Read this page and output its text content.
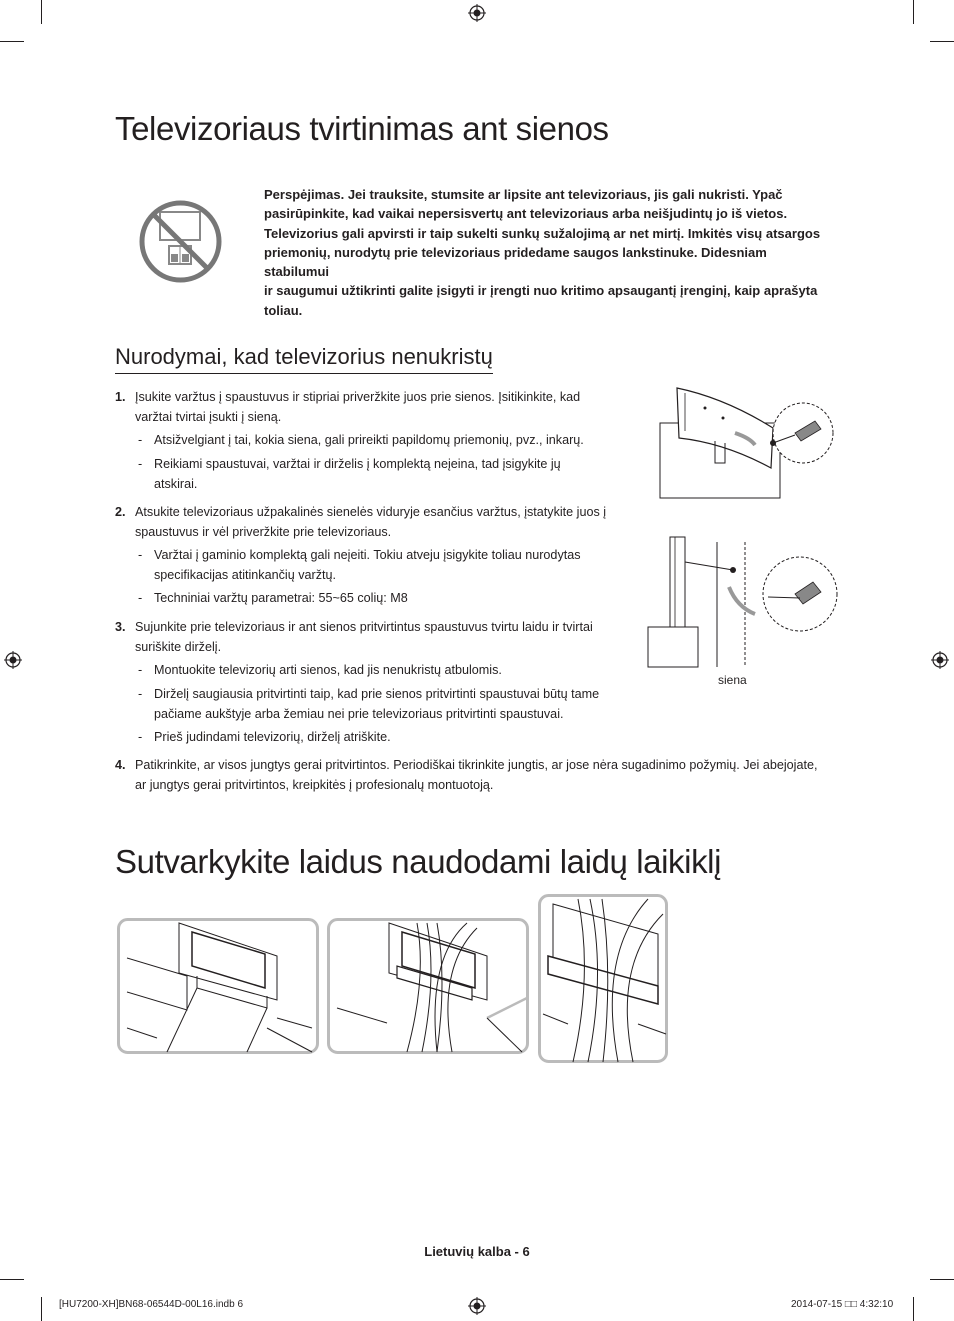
Televizoriaus tvirtinimas ant sienos
Perspėjimas. Jei trauksite, stumsite ar lipsite ant televizoriaus, jis gali nukristi. Ypač
pasirūpinkite, kad vaikai nepersisvertų ant televizoriaus arba neišjudintų jo iš vietos.
Televizorius gali apvirsti ir taip sukelti sunkų sužalojimą ar net mirtį. Imkitės visų atsargos
priemonių, nurodytų prie televizoriaus pridedame saugos lankstinuke. Didesniam stabilumui
ir saugumui užtikrinti galite įsigyti ir įrengti nuo kritimo apsaugantį įrenginį, kaip aprašyta
toliau.
Nurodymai, kad televizorius nenukristų
1. Įsukite varžtus į spaustuvus ir stipriai priveržkite juos prie sienos. Įsitikinkite, kad
varžtai tvirtai įsukti į sieną.
- Atsižvelgiant į tai, kokia siena, gali prireikti papildomų priemonių, pvz., inkarų.
- Reikiami spaustuvai, varžtai ir dirželis į komplektą neįeina, tad įsigykite jų
atskirai.
2. Atsukite televizoriaus užpakalinės sienelės viduryje esančius varžtus, įstatykite juos į
spaustuvus ir vėl priveržkite prie televizoriaus.
- Varžtai į gaminio komplektą gali neįeiti. Tokiu atveju įsigykite toliau nurodytas
specifikacijas atitinkančių varžtų.
- Techniniai varžtų parametrai: 55~65 colių: M8
3. Sujunkite prie televizoriaus ir ant sienos pritvirtintus spaustuvus tvirtu laidu ir tvirtai
suriškite dirželį.
- Montuokite televizorių arti sienos, kad jis nenukristų atbulomis.
- Dirželį saugiausia pritvirtinti taip, kad prie sienos pritvirtinti spaustuvai būtų tame
pačiame aukštyje arba žemiau nei prie televizoriaus pritvirtinti spaustuvai.
- Prieš judindami televizorių, dirželį atriškite.
4. Patikrinkite, ar visos jungtys gerai pritvirtintos. Periodiškai tikrinkite jungtis, ar jose nėra sugadinimo požymių. Jei abejojate,
ar jungtys gerai pritvirtintos, kreipkitės į profesionalų montuotoją.
siena
Sutvarkykite laidus naudodami laidų laikiklį
Lietuvių kalba - 6
[HU7200-XH]BN68-06544D-00L16.indb 6	2014-07-15 □□ 4:32:10
